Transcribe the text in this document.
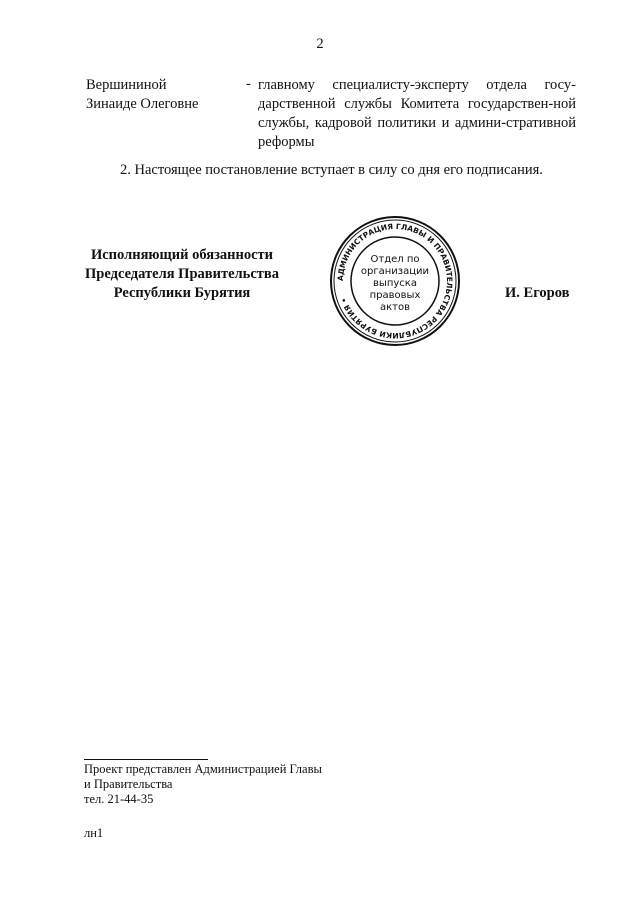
2
Вершининой
Зинаиде Олеговне
- главному специалисту-эксперту отдела госу-дарственной службы Комитета государствен-ной службы, кадровой политики и админи-стративной реформы
2. Настоящее постановление вступает в силу со дня его подписания.
Исполняющий обязанности
Председателя Правительства
Республики Бурятия	И. Егоров
АДМИНИСТРАЦИЯ ГЛАВЫ И ПРАВИТЕЛЬСТВА РЕСПУБЛИКИ БУРЯТИЯ •
Отдел по
организации
выпуска
правовых
актов
Проект представлен Администрацией Главы
и Правительства
тел. 21-44-35
лн1
